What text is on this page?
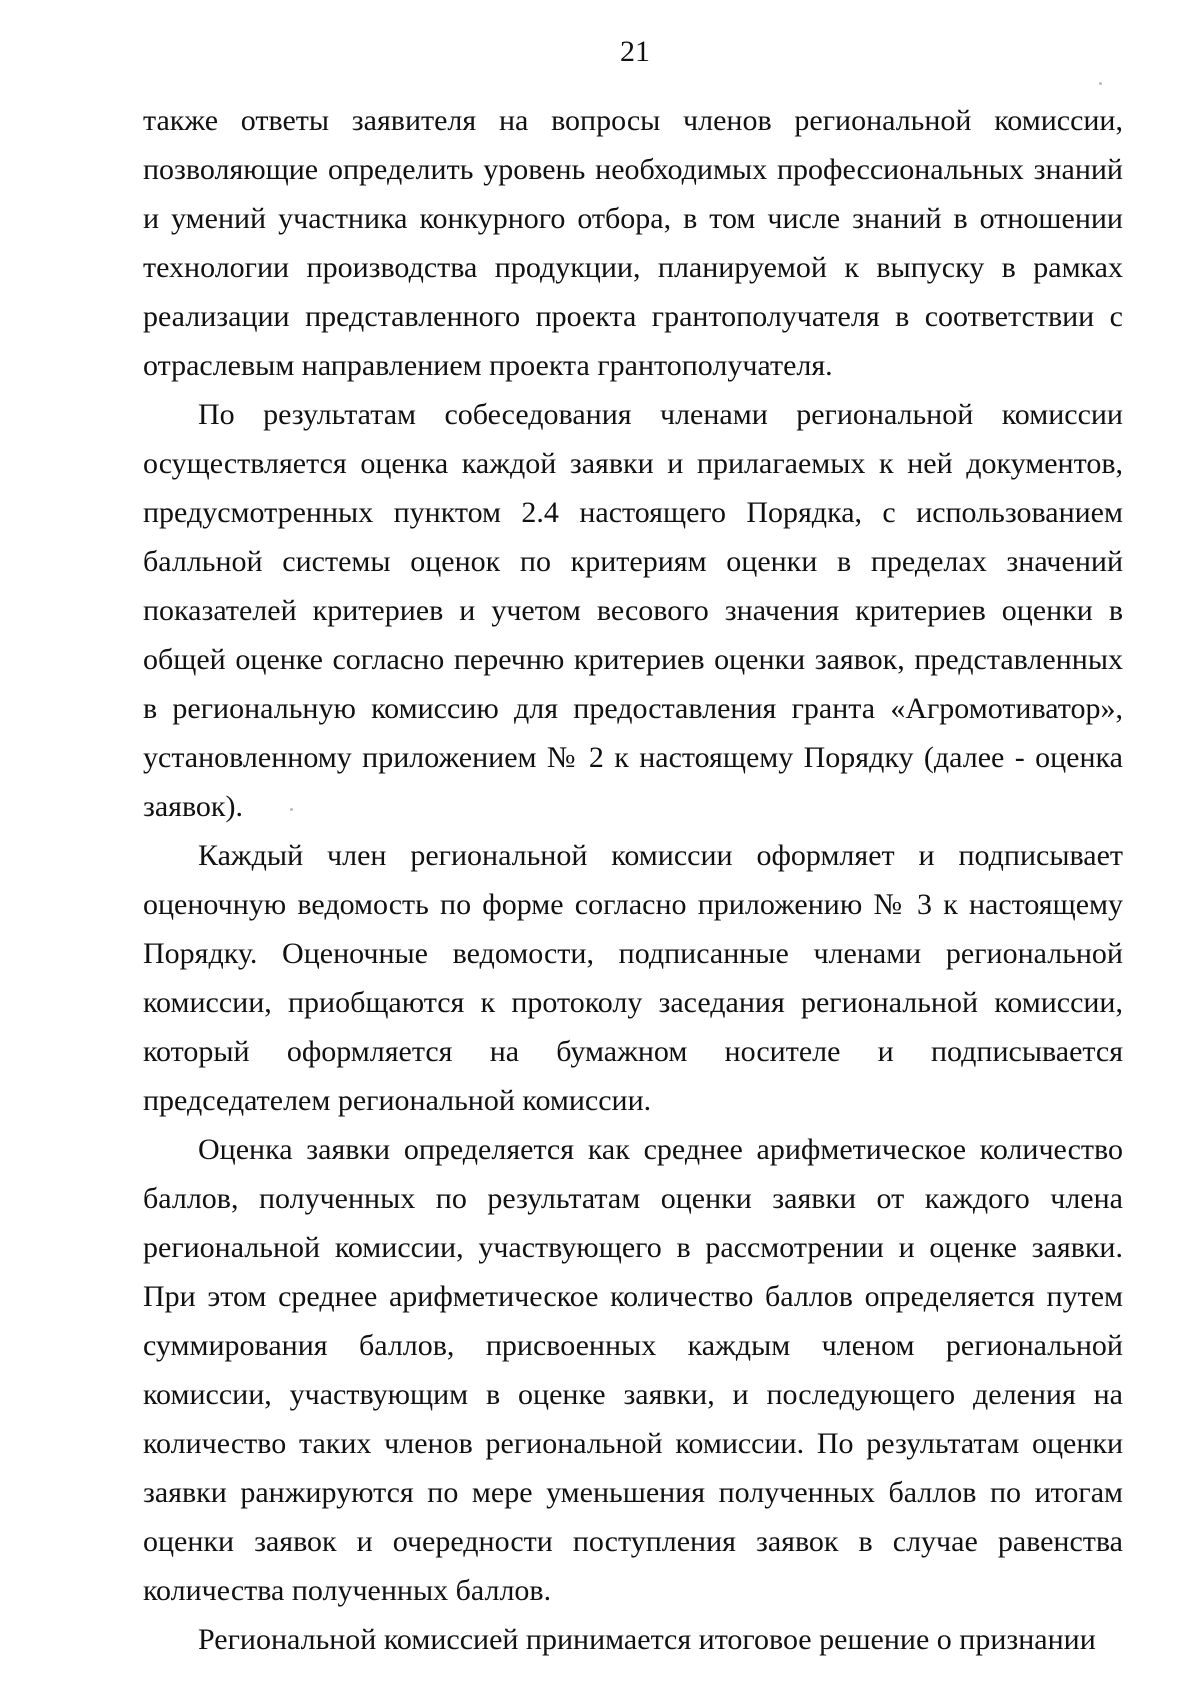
21

также ответы заявителя на вопросы членов региональной комиссии, позволяющие определить уровень необходимых профессиональных знаний и умений участника конкурного отбора, в том числе знаний в отношении технологии производства продукции, планируемой к выпуску в рамках реализации представленного проекта грантополучателя в соответствии с отраслевым направлением проекта грантополучателя.

По результатам собеседования членами региональной комиссии осуществляется оценка каждой заявки и прилагаемых к ней документов, предусмотренных пунктом 2.4 настоящего Порядка, с использованием балльной системы оценок по критериям оценки в пределах значений показателей критериев и учетом весового значения критериев оценки в общей оценке согласно перечню критериев оценки заявок, представленных в региональную комиссию для предоставления гранта «Агромотиватор», установленному приложением № 2 к настоящему Порядку (далее - оценка заявок).

Каждый член региональной комиссии оформляет и подписывает оценочную ведомость по форме согласно приложению № 3 к настоящему Порядку. Оценочные ведомости, подписанные членами региональной комиссии, приобщаются к протоколу заседания региональной комиссии, который оформляется на бумажном носителе и подписывается председателем региональной комиссии.

Оценка заявки определяется как среднее арифметическое количество баллов, полученных по результатам оценки заявки от каждого члена региональной комиссии, участвующего в рассмотрении и оценке заявки. При этом среднее арифметическое количество баллов определяется путем суммирования баллов, присвоенных каждым членом региональной комиссии, участвующим в оценке заявки, и последующего деления на количество таких членов региональной комиссии. По результатам оценки заявки ранжируются по мере уменьшения полученных баллов по итогам оценки заявок и очередности поступления заявок в случае равенства количества полученных баллов.

Региональной комиссией принимается итоговое решение о признании
